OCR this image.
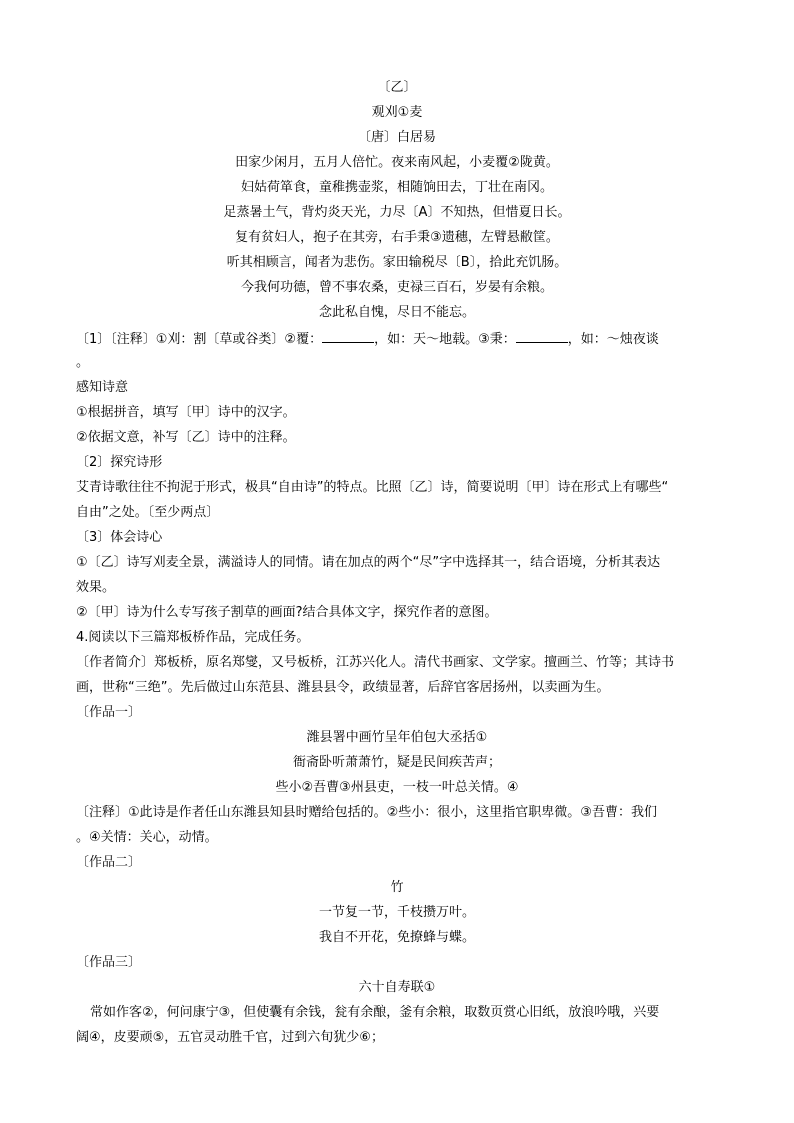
〔乙〕
观刈①麦
〔唐〕白居易
田家少闲月，五月人倍忙。夜来南风起，小麦覆②陇黄。
妇姑荷箪食，童稚携壶浆，相随饷田去，丁壮在南冈。
足蒸暑土气，背灼炎天光，力尽〔A〕不知热，但惜夏日长。
复有贫妇人，抱子在其旁，右手秉③遗穗，左臂悬敝筐。
听其相顾言，闻者为悲伤。家田输税尽〔B〕，拾此充饥肠。
今我何功德，曾不事农桑，吏禄三百石，岁晏有余粮。
念此私自愧，尽日不能忘。
〔1〕〔注释〕①刈：割〔草或谷类〕②覆：	，如：天～地载。③秉：	，如：～烛夜谈
。
感知诗意
①根据拼音，填写〔甲〕诗中的汉字。
②依据文意，补写〔乙〕诗中的注释。
〔2〕探究诗形
艾青诗歌往往不拘泥于形式，极具“自由诗”的特点。比照〔乙〕诗，简要说明〔甲〕诗在形式上有哪些“
自由”之处。〔至少两点〕
〔3〕体会诗心
①〔乙〕诗写刈麦全景，满溢诗人的同情。请在加点的两个“尽”字中选择其一，结合语境，分析其表达
效果。
②〔甲〕诗为什么专写孩子割草的画面?结合具体文字，探究作者的意图。
4.阅读以下三篇郑板桥作品，完成任务。
〔作者简介〕郑板桥，原名郑燮，又号板桥，江苏兴化人。清代书画家、文学家。擅画兰、竹等；其诗书
画，世称“三绝”。先后做过山东范县、潍县县令，政绩显著，后辞官客居扬州，以卖画为生。
〔作品一〕
潍县署中画竹呈年伯包大丞括①
衙斋卧听萧萧竹，疑是民间疾苦声；
些小②吾曹③州县吏，一枝一叶总关情。④
〔注释〕①此诗是作者任山东潍县知县时赠给包括的。②些小：很小，这里指官职卑微。③吾曹：我们
。④关情：关心，动情。
〔作品二〕
竹
一节复一节，千枝攒万叶。
我自不开花，免撩蜂与蝶。
〔作品三〕
六十自寿联①
常如作客②，何问康宁③，但使囊有余钱，瓮有余酿，釜有余粮，取数页赏心旧纸，放浪吟哦，兴要
阔④，皮要顽⑤，五官灵动胜千官，过到六旬犹少⑥；
